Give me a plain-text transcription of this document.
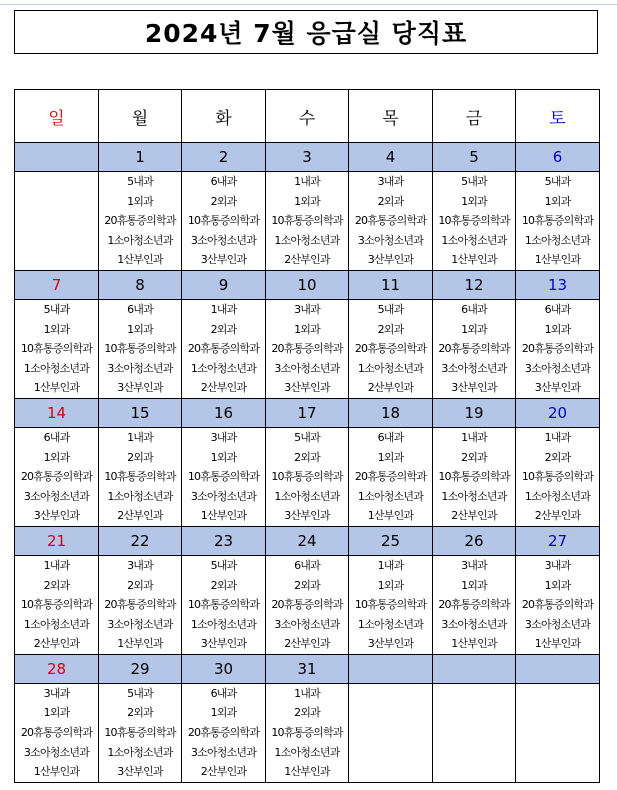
2024년 7월 응급실 당직표
일	월	화	수	목	금	토
	1	2	3	4	5	6

	5내과
1외과
20휴통증의학과
1소아청소년과
1산부인과	6내과
2외과
10휴통증의학과
3소아청소년과
3산부인과	1내과
1외과
10휴통증의학과
1소아청소년과
2산부인과	3내과
2외과
20휴통증의학과
3소아청소년과
3산부인과	5내과
1외과
10휴통증의학과
1소아청소년과
1산부인과	5내과
1외과
10휴통증의학과
1소아청소년과
1산부인과

7	8	9	10	11	12	13

5내과
1외과
10휴통증의학과
1소아청소년과
1산부인과	6내과
1외과
10휴통증의학과
3소아청소년과
3산부인과	1내과
2외과
20휴통증의학과
1소아청소년과
2산부인과	3내과
1외과
20휴통증의학과
3소아청소년과
3산부인과	5내과
2외과
20휴통증의학과
1소아청소년과
2산부인과	6내과
1외과
20휴통증의학과
3소아청소년과
3산부인과	6내과
1외과
20휴통증의학과
3소아청소년과
3산부인과

14	15	16	17	18	19	20

6내과
1외과
20휴통증의학과
3소아청소년과
3산부인과	1내과
2외과
10휴통증의학과
1소아청소년과
2산부인과	3내과
1외과
10휴통증의학과
3소아청소년과
1산부인과	5내과
2외과
10휴통증의학과
1소아청소년과
3산부인과	6내과
1외과
20휴통증의학과
1소아청소년과
1산부인과	1내과
2외과
10휴통증의학과
1소아청소년과
2산부인과	1내과
2외과
10휴통증의학과
1소아청소년과
2산부인과

21	22	23	24	25	26	27

1내과
2외과
10휴통증의학과
1소아청소년과
2산부인과	3내과
2외과
20휴통증의학과
3소아청소년과
1산부인과	5내과
2외과
10휴통증의학과
1소아청소년과
3산부인과	6내과
2외과
20휴통증의학과
3소아청소년과
2산부인과	1내과
1외과
10휴통증의학과
1소아청소년과
3산부인과	3내과
1외과
20휴통증의학과
3소아청소년과
1산부인과	3내과
1외과
20휴통증의학과
3소아청소년과
1산부인과

28	29	30	31			

3내과
1외과
20휴통증의학과
3소아청소년과
1산부인과	5내과
2외과
10휴통증의학과
1소아청소년과
3산부인과	6내과
1외과
20휴통증의학과
3소아청소년과
2산부인과	1내과
2외과
10휴통증의학과
1소아청소년과
1산부인과			
